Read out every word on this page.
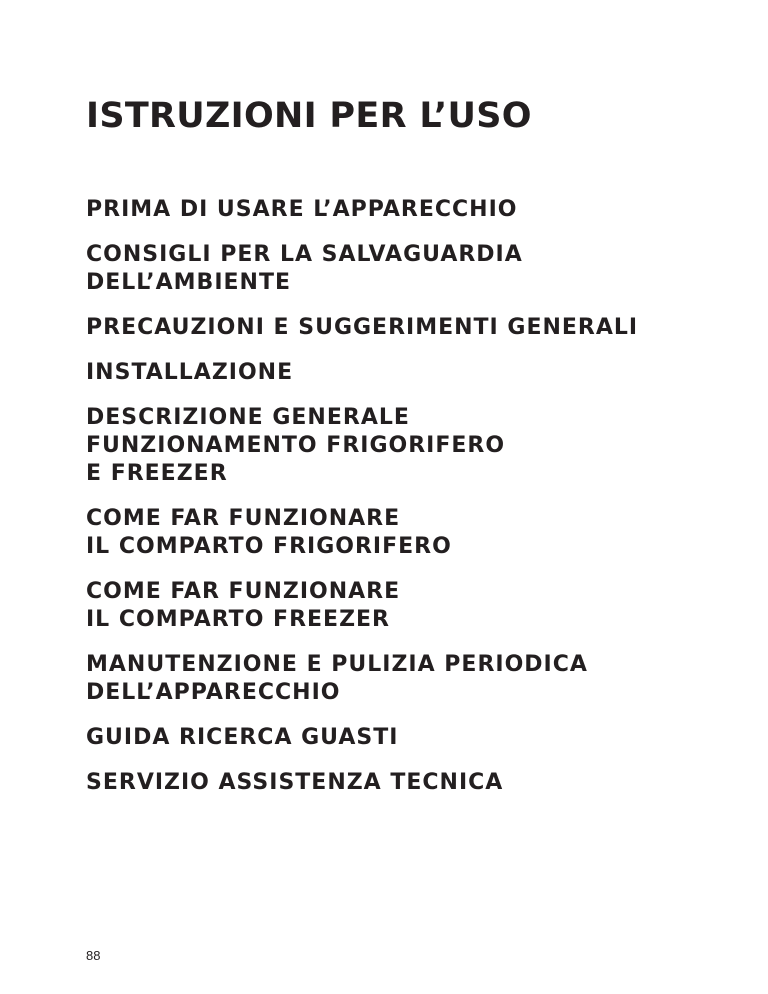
ISTRUZIONI PER L’USO
PRIMA DI USARE L’APPARECCHIO
CONSIGLI PER LA SALVAGUARDIA
DELL’AMBIENTE
PRECAUZIONI E SUGGERIMENTI GENERALI
INSTALLAZIONE
DESCRIZIONE GENERALE
FUNZIONAMENTO FRIGORIFERO
E FREEZER
COME FAR FUNZIONARE
IL COMPARTO FRIGORIFERO
COME FAR FUNZIONARE
IL COMPARTO FREEZER
MANUTENZIONE E PULIZIA PERIODICA
DELL’APPARECCHIO
GUIDA RICERCA GUASTI
SERVIZIO ASSISTENZA TECNICA
88
